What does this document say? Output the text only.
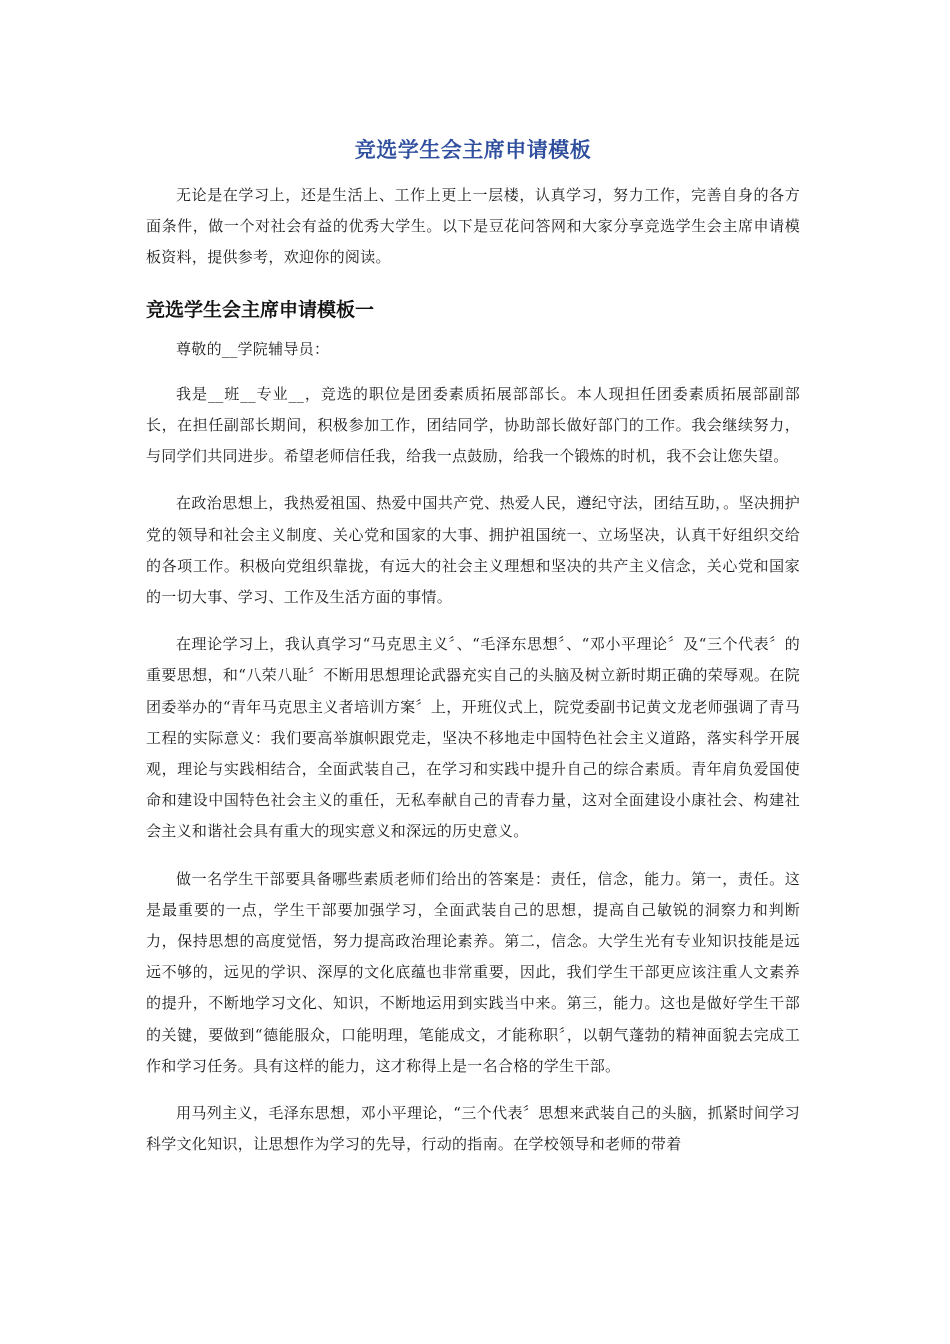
竞选学生会主席申请模板

无论是在学习上，还是生活上、工作上更上一层楼，认真学习，努力工作，完善自身的各方面条件，做一个对社会有益的优秀大学生。以下是豆花问答网和大家分享竞选学生会主席申请模板资料，提供参考，欢迎你的阅读。

竞选学生会主席申请模板一

尊敬的__学院辅导员：

我是__班__专业__，竞选的职位是团委素质拓展部部长。本人现担任团委素质拓展部副部长，在担任副部长期间，积极参加工作，团结同学，协助部长做好部门的工作。我会继续努力，与同学们共同进步。希望老师信任我，给我一点鼓励，给我一个锻炼的时机，我不会让您失望。

在政治思想上，我热爱祖国、热爱中国共产党、热爱人民，遵纪守法，团结互助，。坚决拥护党的领导和社会主义制度、关心党和国家的大事、拥护祖国统一、立场坚决，认真干好组织交给的各项工作。积极向党组织靠拢，有远大的社会主义理想和坚决的共产主义信念，关心党和国家的一切大事、学习、工作及生活方面的事情。

在理论学习上，我认真学习“马克思主义〞、“毛泽东思想〞、“邓小平理论〞及“三个代表〞的重要思想，和“八荣八耻〞不断用思想理论武器充实自己的头脑及树立新时期正确的荣辱观。在院团委举办的“青年马克思主义者培训方案〞上，开班仪式上，院党委副书记黄文龙老师强调了青马工程的实际意义：我们要高举旗帜跟党走，坚决不移地走中国特色社会主义道路，落实科学开展观，理论与实践相结合，全面武装自己，在学习和实践中提升自己的综合素质。青年肩负爱国使命和建设中国特色社会主义的重任，无私奉献自己的青春力量，这对全面建设小康社会、构建社会主义和谐社会具有重大的现实意义和深远的历史意义。

做一名学生干部要具备哪些素质老师们给出的答案是：责任，信念，能力。第一，责任。这是最重要的一点，学生干部要加强学习，全面武装自己的思想，提高自己敏锐的洞察力和判断力，保持思想的高度觉悟，努力提高政治理论素养。第二，信念。大学生光有专业知识技能是远远不够的，远见的学识、深厚的文化底蕴也非常重要，因此，我们学生干部更应该注重人文素养的提升，不断地学习文化、知识，不断地运用到实践当中来。第三，能力。这也是做好学生干部的关键，要做到“德能服众，口能明理，笔能成文，才能称职〞，以朝气蓬勃的精神面貌去完成工作和学习任务。具有这样的能力，这才称得上是一名合格的学生干部。

用马列主义，毛泽东思想，邓小平理论，“三个代表〞思想来武装自己的头脑，抓紧时间学习科学文化知识，让思想作为学习的先导，行动的指南。在学校领导和老师的带着
